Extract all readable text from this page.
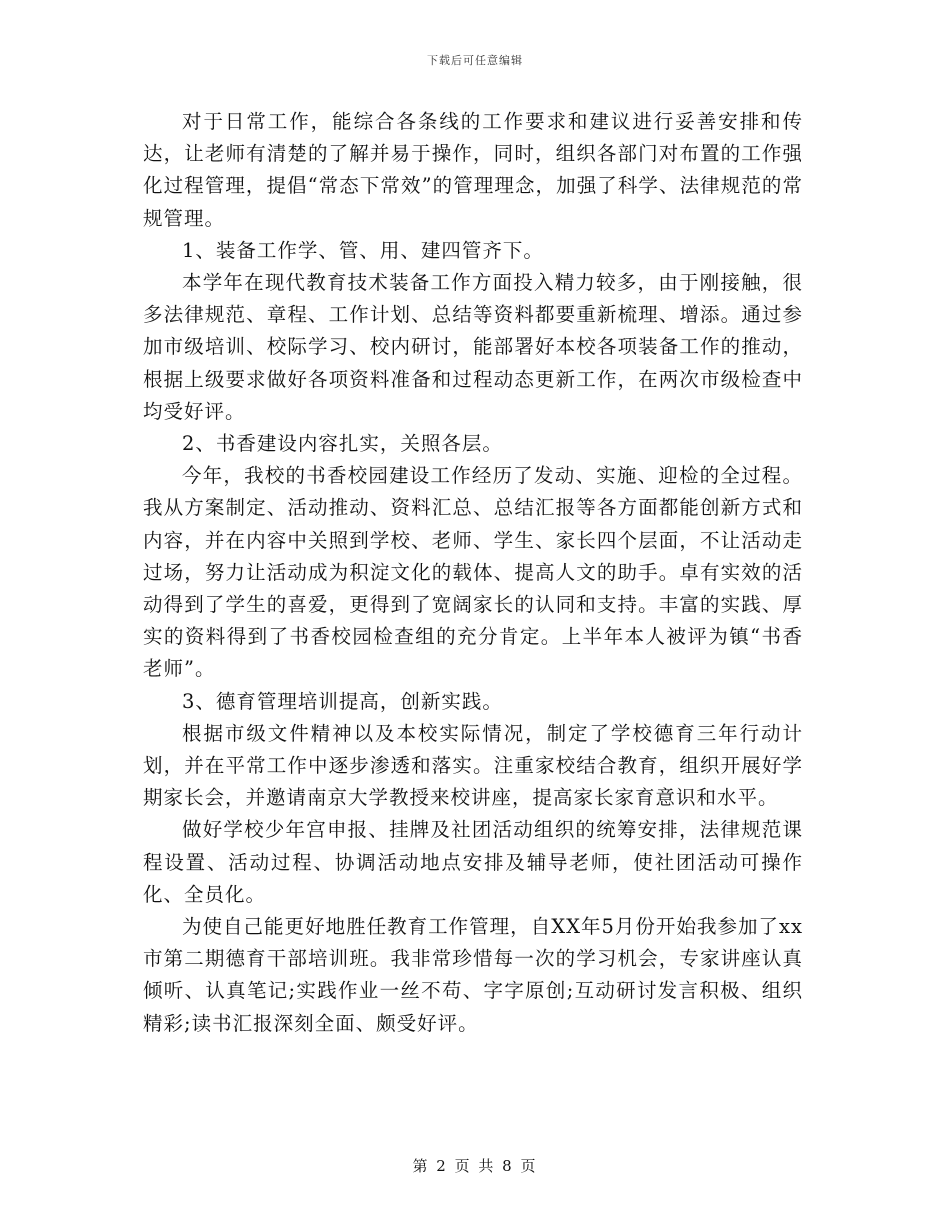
下载后可任意编辑

对于日常工作，能综合各条线的工作要求和建议进行妥善安排和传达，让老师有清楚的了解并易于操作，同时，组织各部门对布置的工作强化过程管理，提倡“常态下常效”的管理理念，加强了科学、法律规范的常规管理。

1、装备工作学、管、用、建四管齐下。

本学年在现代教育技术装备工作方面投入精力较多，由于刚接触，很多法律规范、章程、工作计划、总结等资料都要重新梳理、增添。通过参加市级培训、校际学习、校内研讨，能部署好本校各项装备工作的推动，根据上级要求做好各项资料准备和过程动态更新工作，在两次市级检查中均受好评。

2、书香建设内容扎实，关照各层。

今年，我校的书香校园建设工作经历了发动、实施、迎检的全过程。我从方案制定、活动推动、资料汇总、总结汇报等各方面都能创新方式和内容，并在内容中关照到学校、老师、学生、家长四个层面，不让活动走过场，努力让活动成为积淀文化的载体、提高人文的助手。卓有实效的活动得到了学生的喜爱，更得到了宽阔家长的认同和支持。丰富的实践、厚实的资料得到了书香校园检查组的充分肯定。上半年本人被评为镇“书香老师”。

3、德育管理培训提高，创新实践。

根据市级文件精神以及本校实际情况，制定了学校德育三年行动计划，并在平常工作中逐步渗透和落实。注重家校结合教育，组织开展好学期家长会，并邀请南京大学教授来校讲座，提高家长家育意识和水平。

做好学校少年宫申报、挂牌及社团活动组织的统筹安排，法律规范课程设置、活动过程、协调活动地点安排及辅导老师，使社团活动可操作化、全员化。

为使自己能更好地胜任教育工作管理，自XX年5月份开始我参加了xx市第二期德育干部培训班。我非常珍惜每一次的学习机会，专家讲座认真倾听、认真笔记;实践作业一丝不苟、字字原创;互动研讨发言积极、组织精彩;读书汇报深刻全面、颇受好评。

第 2 页 共 8 页
